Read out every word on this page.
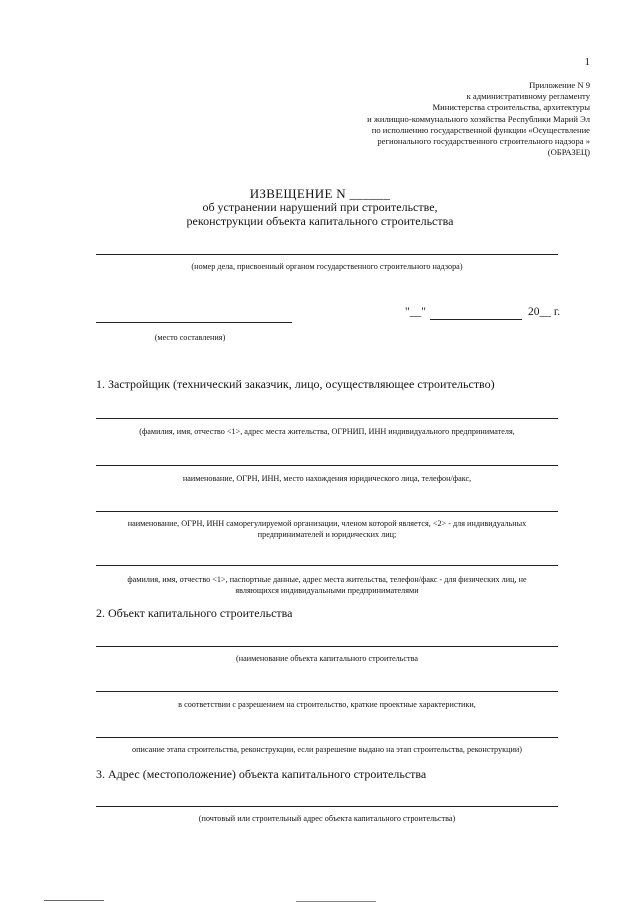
1
Приложение N 9
к административному регламенту
Министерства строительства, архитектуры
и жилищно-коммунального хозяйства Республики Марий Эл
по исполнению государственной функции «Осуществление
регионального государственного строительного надзора »
(ОБРАЗЕЦ)
ИЗВЕЩЕНИЕ N ______
об устранении нарушений при строительстве,
реконструкции объекта капитального строительства
(номер дела, присвоенный органом государственного строительного надзора)
"__"	20__ г.
(место составления)
1. Застройщик (технический заказчик, лицо, осуществляющее строительство)
(фамилия, имя, отчество <1>, адрес места жительства, ОГРНИП, ИНН индивидуального предпринимателя,
наименование, ОГРН, ИНН, место нахождения юридического лица, телефон/факс,
наименование, ОГРН, ИНН саморегулируемой организации, членом которой является, <2> - для индивидуальных
предпринимателей и юридических лиц;
фамилия, имя, отчество <1>, паспортные данные, адрес места жительства, телефон/факс - для физических лиц, не
являющихся индивидуальными предпринимателями
2. Объект капитального строительства
(наименование объекта капитального строительства
в соответствии с разрешением на строительство, краткие проектные характеристики,
описание этапа строительства, реконструкции, если разрешение выдано на этап строительства, реконструкции)
3. Адрес (местоположение) объекта капитального строительства
(почтовый или строительный адрес объекта капитального строительства)
